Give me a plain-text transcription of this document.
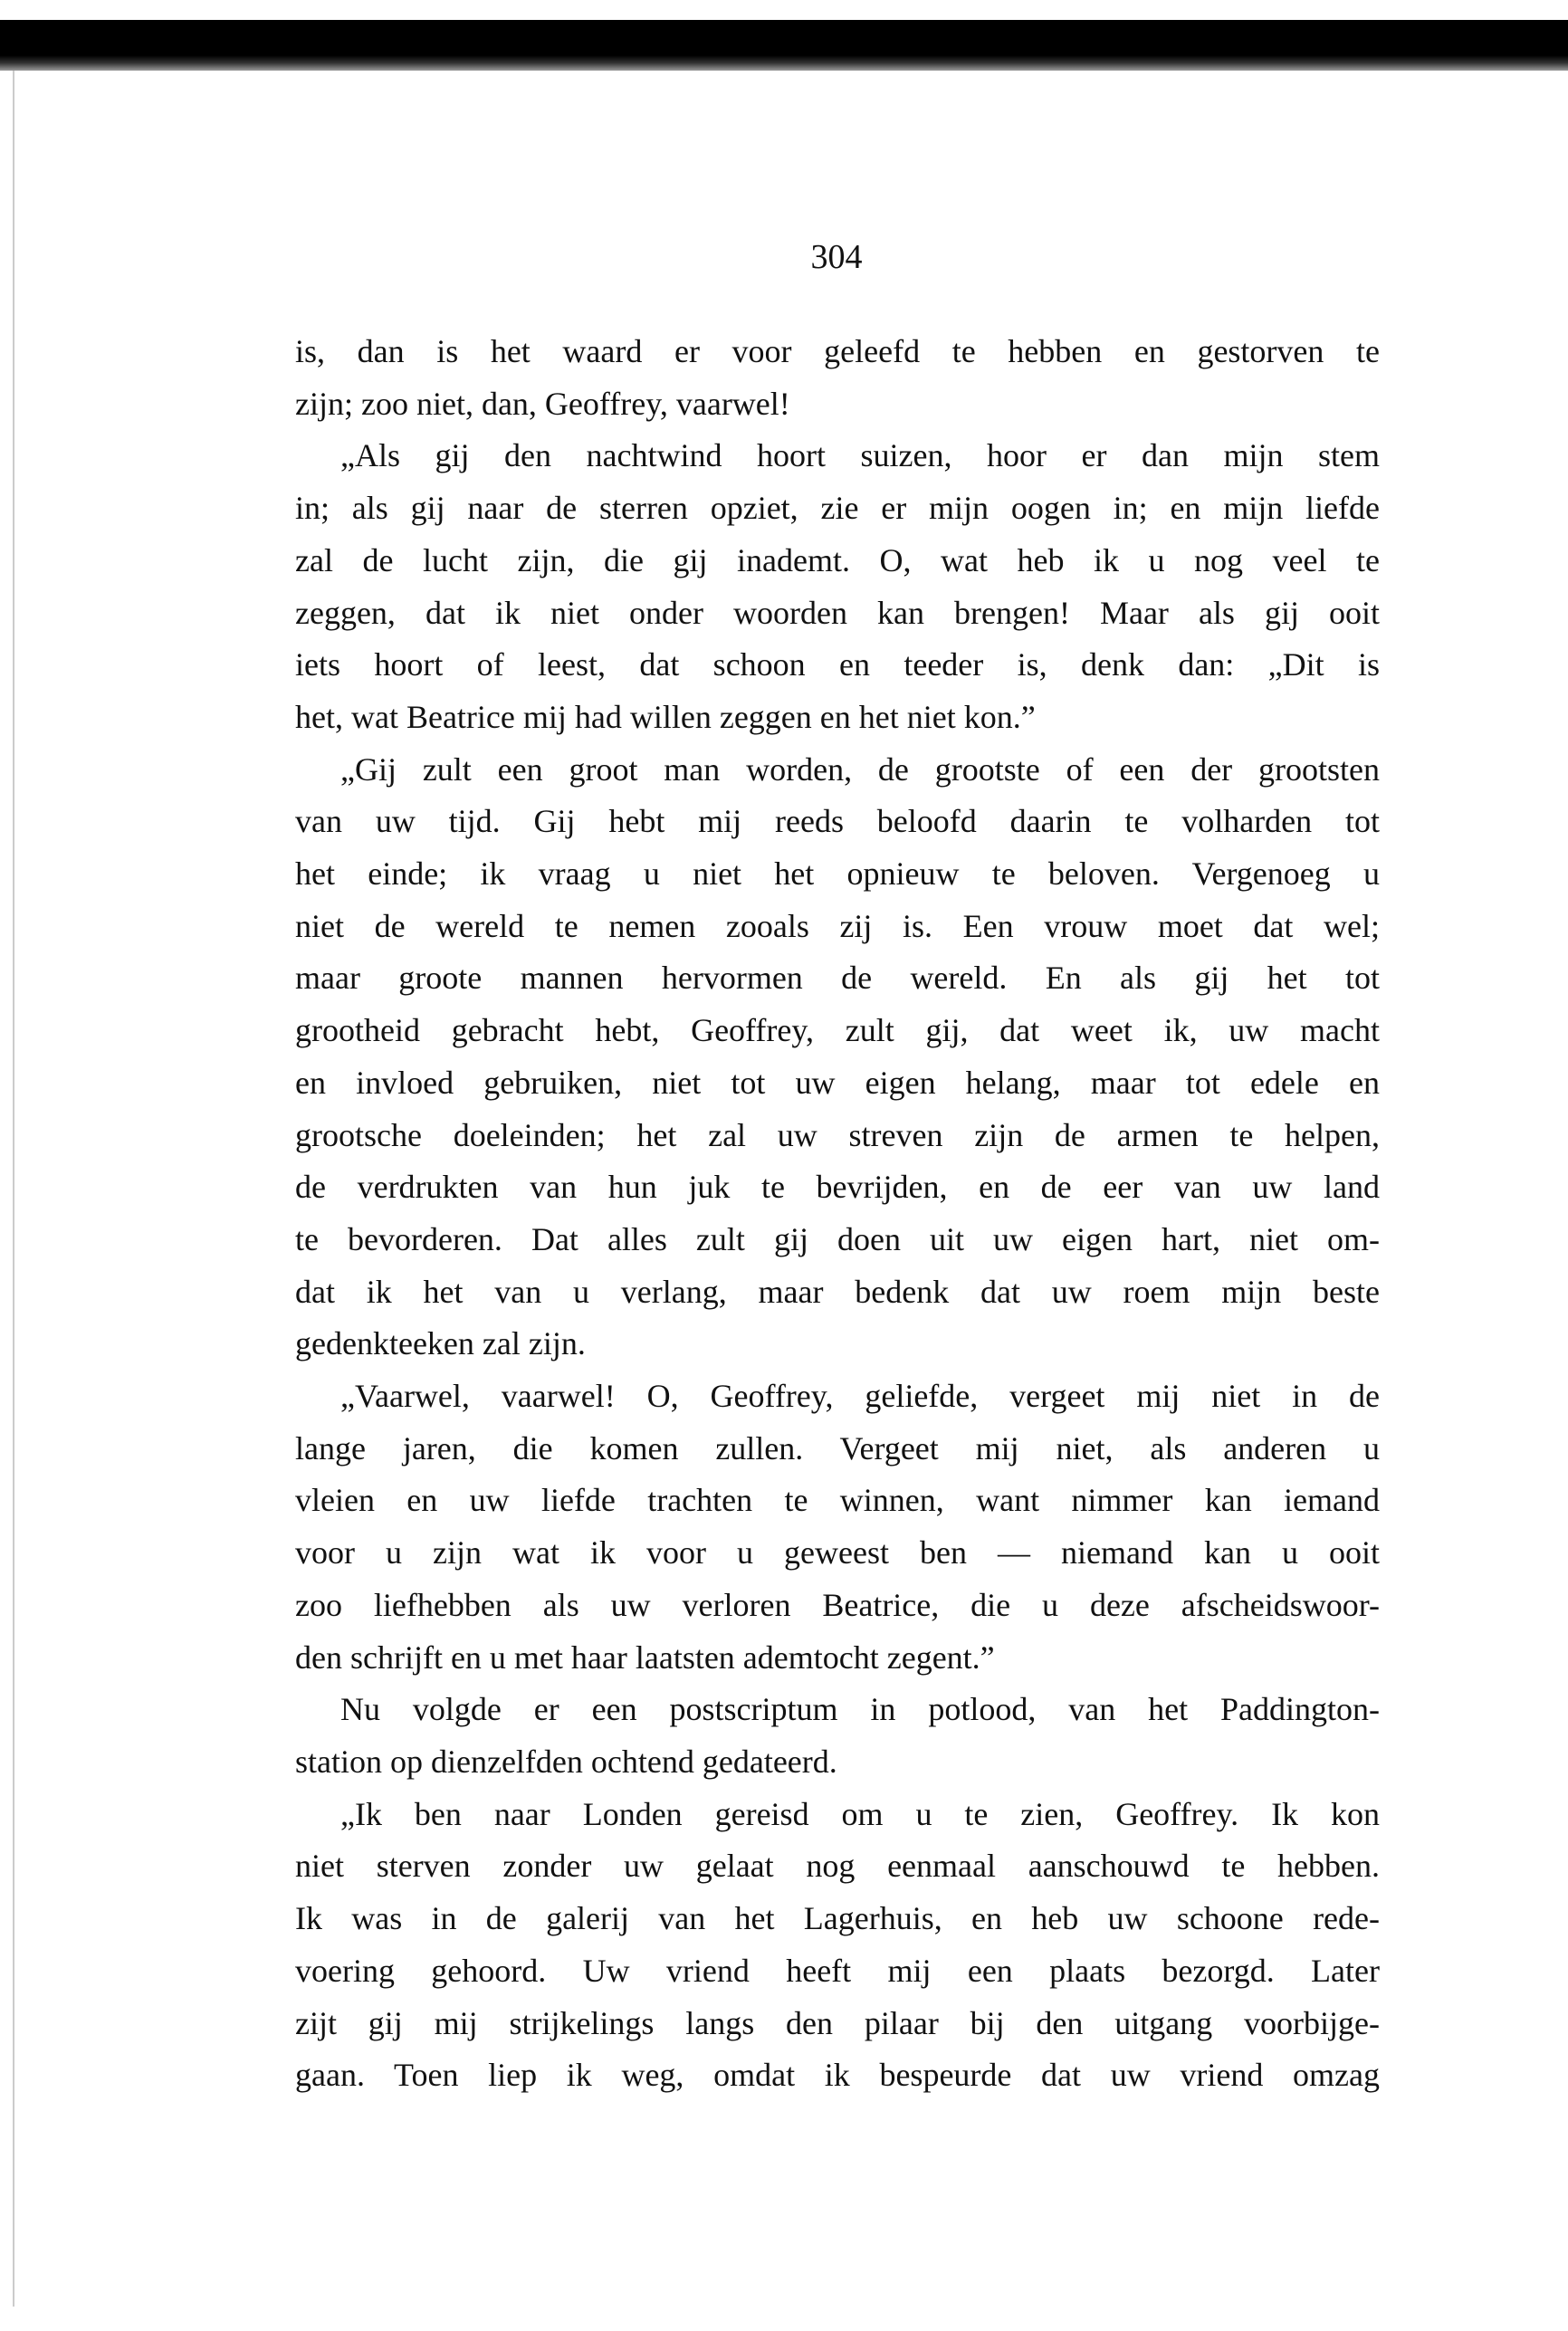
304
is, dan is het waard er voor geleefd te hebben en gestorven te
zijn; zoo niet, dan, Geoffrey, vaarwel!
„Als gij den nachtwind hoort suizen, hoor er dan mijn stem
in; als gij naar de sterren opziet, zie er mijn oogen in; en mijn liefde
zal de lucht zijn, die gij inademt. O, wat heb ik u nog veel te
zeggen, dat ik niet onder woorden kan brengen! Maar als gij ooit
iets hoort of leest, dat schoon en teeder is, denk dan: „Dit is
het, wat Beatrice mij had willen zeggen en het niet kon.”
„Gij zult een groot man worden, de grootste of een der grootsten
van uw tijd. Gij hebt mij reeds beloofd daarin te volharden tot
het einde; ik vraag u niet het opnieuw te beloven. Vergenoeg u
niet de wereld te nemen zooals zij is. Een vrouw moet dat wel;
maar groote mannen hervormen de wereld. En als gij het tot
grootheid gebracht hebt, Geoffrey, zult gij, dat weet ik, uw macht
en invloed gebruiken, niet tot uw eigen helang, maar tot edele en
grootsche doeleinden; het zal uw streven zijn de armen te helpen,
de verdrukten van hun juk te bevrijden, en de eer van uw land
te bevorderen. Dat alles zult gij doen uit uw eigen hart, niet om-
dat ik het van u verlang, maar bedenk dat uw roem mijn beste
gedenkteeken zal zijn.
„Vaarwel, vaarwel! O, Geoffrey, geliefde, vergeet mij niet in de
lange jaren, die komen zullen. Vergeet mij niet, als anderen u
vleien en uw liefde trachten te winnen, want nimmer kan iemand
voor u zijn wat ik voor u geweest ben — niemand kan u ooit
zoo liefhebben als uw verloren Beatrice, die u deze afscheidswoor-
den schrijft en u met haar laatsten ademtocht zegent.”
Nu volgde er een postscriptum in potlood, van het Paddington-
station op dienzelfden ochtend gedateerd.
„Ik ben naar Londen gereisd om u te zien, Geoffrey. Ik kon
niet sterven zonder uw gelaat nog eenmaal aanschouwd te hebben.
Ik was in de galerij van het Lagerhuis, en heb uw schoone rede-
voering gehoord. Uw vriend heeft mij een plaats bezorgd. Later
zijt gij mij strijkelings langs den pilaar bij den uitgang voorbijge-
gaan. Toen liep ik weg, omdat ik bespeurde dat uw vriend omzag
